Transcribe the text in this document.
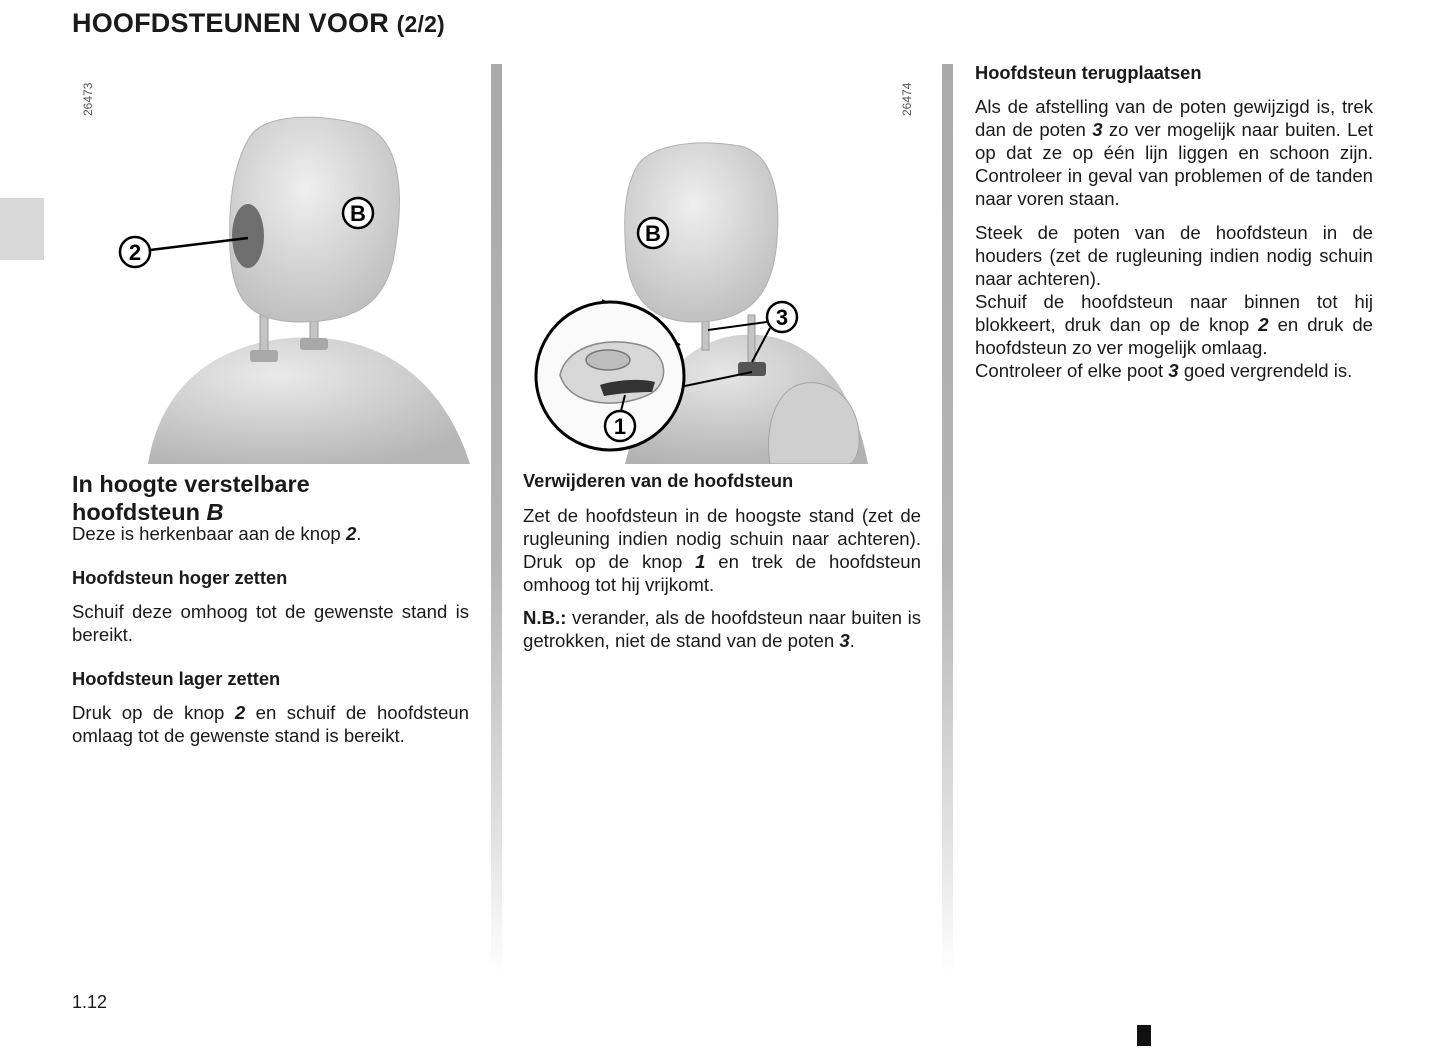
HOOFDSTEUNEN VOOR (2/2)
26473
2
B
26474
1
3
B
In hoogte verstelbare
hoofdsteun B

Deze is herkenbaar aan de knop 2.

Hoofdsteun hoger zetten

Schuif deze omhoog tot de gewenste stand is bereikt.

Hoofdsteun lager zetten

Druk op de knop 2 en schuif de hoofdsteun omlaag tot de gewenste stand is bereikt.

Verwijderen van de hoofdsteun

Zet de hoofdsteun in de hoogste stand (zet de rugleuning indien nodig schuin naar achteren). Druk op de knop 1 en trek de hoofdsteun omhoog tot hij vrijkomt.

N.B.: verander, als de hoofdsteun naar buiten is getrokken, niet de stand van de poten 3.

Hoofdsteun terugplaatsen

Als de afstelling van de poten gewijzigd is, trek dan de poten 3 zo ver mogelijk naar buiten. Let op dat ze op één lijn liggen en schoon zijn. Controleer in geval van problemen of de tanden naar voren staan.

Steek de poten van de hoofdsteun in de houders (zet de rugleuning indien nodig schuin naar achteren).

Schuif de hoofdsteun naar binnen tot hij blokkeert, druk dan op de knop 2 en druk de hoofdsteun zo ver mogelijk omlaag.

Controleer of elke poot 3 goed vergrendeld is.

1.12
